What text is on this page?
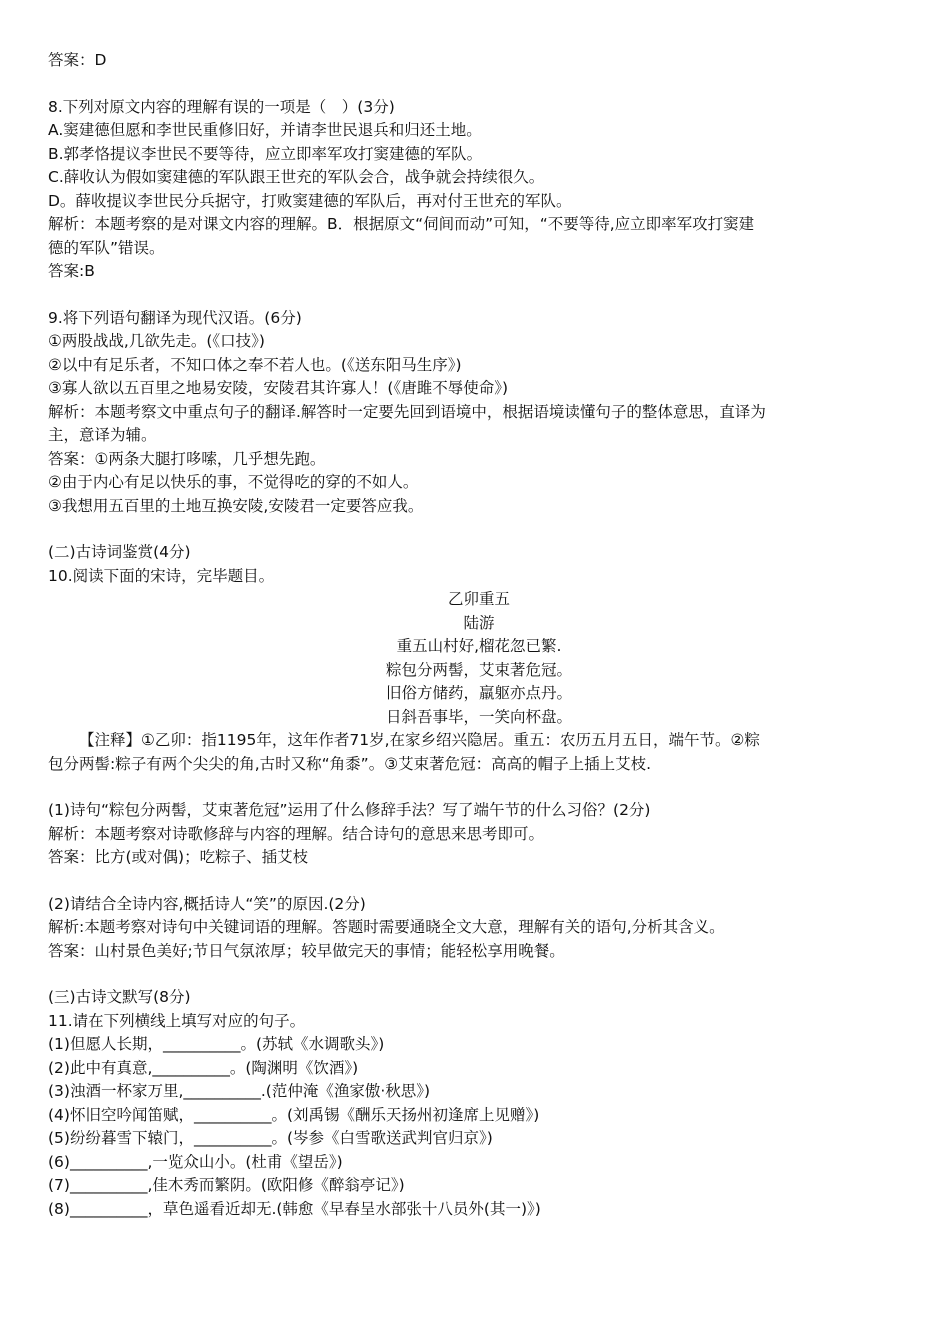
答案：D
8.下列对原文内容的理解有误的一项是（　）(3分)
A.窦建德但愿和李世民重修旧好，并请李世民退兵和归还土地。
B.郭孝恪提议李世民不要等待，应立即率军攻打窦建德的军队。
C.薛收认为假如窦建德的军队跟王世充的军队会合，战争就会持续很久。
D。薛收提议李世民分兵据守，打败窦建德的军队后，再对付王世充的军队。
解析：本题考察的是对课文内容的理解。B．根据原文“伺间而动”可知，“不要等待,应立即率军攻打窦建
德的军队”错误。
答案:B
9.将下列语句翻译为现代汉语。(6分)
①两股战战,几欲先走。(《口技》)
②以中有足乐者，不知口体之奉不若人也。(《送东阳马生序》)
③寡人欲以五百里之地易安陵，安陵君其许寡人！(《唐雎不辱使命》)
解析：本题考察文中重点句子的翻译.解答时一定要先回到语境中，根据语境读懂句子的整体意思，直译为
主，意译为辅。
答案：①两条大腿打哆嗦，几乎想先跑。
②由于内心有足以快乐的事，不觉得吃的穿的不如人。
③我想用五百里的土地互换安陵,安陵君一定要答应我。
(二)古诗词鉴赏(4分)
10.阅读下面的宋诗，完毕题目。
乙卯重五
陆游
重五山村好,榴花忽已繁.
粽包分两髻，艾束著危冠。
旧俗方储药，羸躯亦点丹。
日斜吾事毕，一笑向杯盘。
【注释】①乙卯：指1195年，这年作者71岁,在家乡绍兴隐居。重五：农历五月五日，端午节。②粽
包分两髻:粽子有两个尖尖的角,古时又称“角黍”。③艾束著危冠：高高的帽子上插上艾枝.
(1)诗句“粽包分两髻，艾束著危冠”运用了什么修辞手法？写了端午节的什么习俗？(2分)
解析：本题考察对诗歌修辞与内容的理解。结合诗句的意思来思考即可。
答案：比方(或对偶)；吃粽子、插艾枝
(2)请结合全诗内容,概括诗人“笑”的原因.(2分)
解析:本题考察对诗句中关键词语的理解。答题时需要通晓全文大意，理解有关的语句,分析其含义。
答案：山村景色美好;节日气氛浓厚；较早做完天的事情；能轻松享用晚餐。
(三)古诗文默写(8分)
11.请在下列横线上填写对应的句子。
(1)但愿人长期，__________。(苏轼《水调歌头》)
(2)此中有真意,__________。(陶渊明《饮酒》)
(3)浊酒一杯家万里,__________.(范仲淹《渔家傲·秋思》)
(4)怀旧空吟闻笛赋，__________。(刘禹锡《酬乐天扬州初逢席上见赠》)
(5)纷纷暮雪下辕门，__________。(岑参《白雪歌送武判官归京》)
(6)__________,一览众山小。(杜甫《望岳》)
(7)__________,佳木秀而繁阴。(欧阳修《醉翁亭记》)
(8)__________，草色遥看近却无.(韩愈《早春呈水部张十八员外(其一)》)
